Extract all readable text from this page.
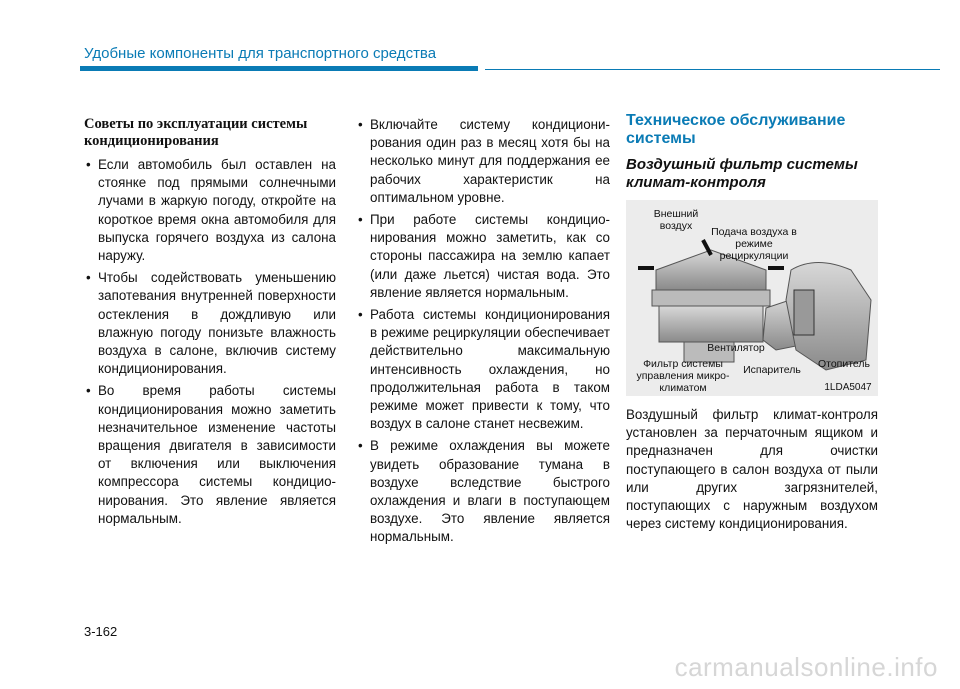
Удобные компоненты для транспортного средства
Советы по эксплуатации системы кондиционирования
• Если автомобиль был оставлен на стоянке под прямыми солнечными лучами в жаркую погоду, откройте на короткое время окна автомобиля для выпуска горячего воздуха из салона наружу.
• Чтобы содействовать уменьшению запотевания внутренней поверхности остекления в дождливую или влажную погоду понизьте влажность воздуха в салоне, включив систему кондиционирования.
• Во время работы системы кондиционирования можно заметить незначительное изменение частоты вращения двигателя в зависимости от включения или выключения компрессора системы кондицио-нирования. Это явление является нормальным.
• Включайте систему кондициони-рования один раз в месяц хотя бы на несколько минут для поддержания ее рабочих характеристик на оптимальном уровне.
• При работе системы кондицио-нирования можно заметить, как со стороны пассажира на землю капает (или даже льется) чистая вода. Это явление является нормальным.
• Работа системы кондиционирования в режиме рециркуляции обеспечивает действительно максимальную интенсивность охлаждения, но продолжительная работа в таком режиме может привести к тому, что воздух в салоне станет несвежим.
• В режиме охлаждения вы можете увидеть образование тумана в воздухе вследствие быстрого охлаждения и влаги в поступающем воздухе. Это явление является нормальным.
Техническое обслуживание системы
Воздушный фильтр системы климат-контроля
Внешний воздух	Подача воздуха в режиме рециркуляции
Вентилятор
Фильтр системы управления микро-климатом
Испаритель	Отопитель
1LDA5047
Воздушный фильтр климат-контроля установлен за перчаточным ящиком и предназначен для очистки поступающего в салон воздуха от пыли или других загрязнителей, поступающих с наружным воздухом через систему кондиционирования.
3-162
carmanualsonline.info
